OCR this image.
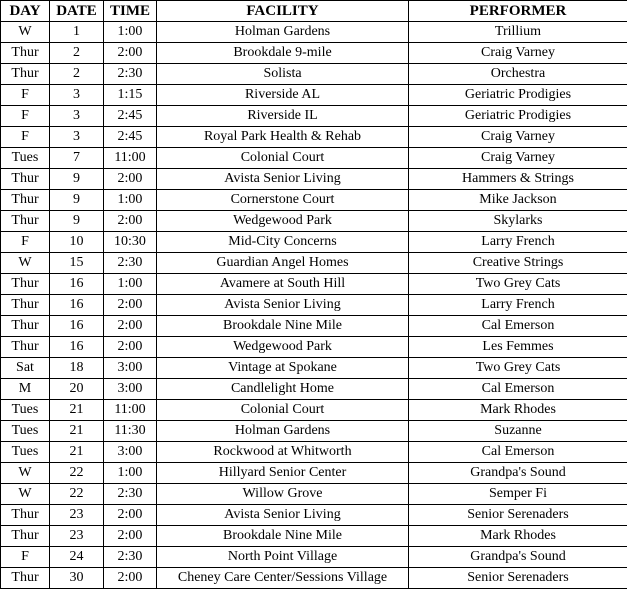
DAY	DATE	TIME	FACILITY	PERFORMER
W	1	1:00	Holman Gardens	Trillium
Thur	2	2:00	Brookdale 9-mile	Craig Varney
Thur	2	2:30	Solista	Orchestra
F	3	1:15	Riverside AL	Geriatric Prodigies
F	3	2:45	Riverside IL	Geriatric Prodigies
F	3	2:45	Royal Park Health & Rehab	Craig Varney
Tues	7	11:00	Colonial Court	Craig Varney
Thur	9	2:00	Avista Senior Living	Hammers & Strings
Thur	9	1:00	Cornerstone Court	Mike Jackson
Thur	9	2:00	Wedgewood Park	Skylarks
F	10	10:30	Mid-City Concerns	Larry French
W	15	2:30	Guardian Angel Homes	Creative Strings
Thur	16	1:00	Avamere at South Hill	Two Grey Cats
Thur	16	2:00	Avista Senior Living	Larry French
Thur	16	2:00	Brookdale Nine Mile	Cal Emerson
Thur	16	2:00	Wedgewood Park	Les Femmes
Sat	18	3:00	Vintage at Spokane	Two Grey Cats
M	20	3:00	Candlelight Home	Cal Emerson
Tues	21	11:00	Colonial Court	Mark Rhodes
Tues	21	11:30	Holman Gardens	Suzanne
Tues	21	3:00	Rockwood at Whitworth	Cal Emerson
W	22	1:00	Hillyard Senior Center	Grandpa's Sound
W	22	2:30	Willow Grove	Semper Fi
Thur	23	2:00	Avista Senior Living	Senior Serenaders
Thur	23	2:00	Brookdale Nine Mile	Mark Rhodes
F	24	2:30	North Point Village	Grandpa's Sound
Thur	30	2:00	Cheney Care Center/Sessions Village	Senior Serenaders
